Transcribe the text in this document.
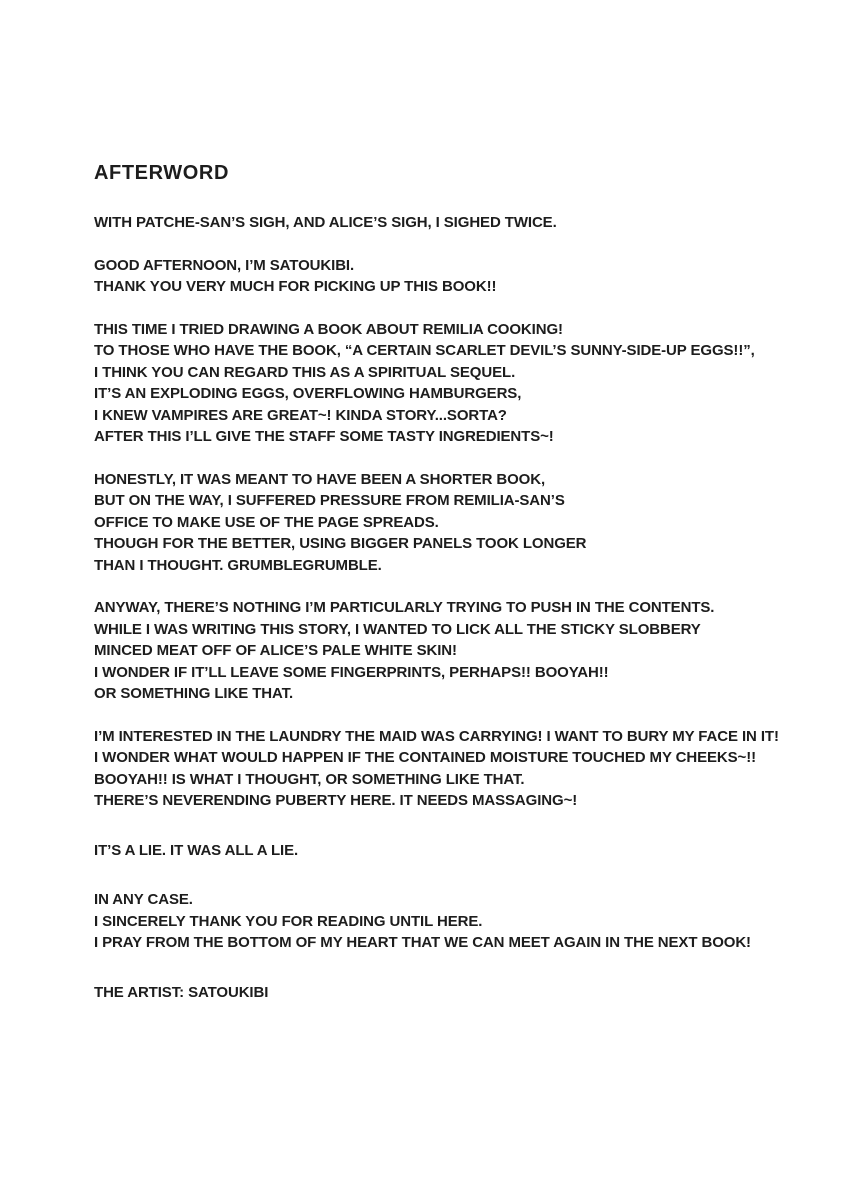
AFTERWORD
WITH PATCHE-SAN’S SIGH, AND ALICE’S SIGH, I SIGHED TWICE.
GOOD AFTERNOON, I’M SATOUKIBI.
THANK YOU VERY MUCH FOR PICKING UP THIS BOOK!!
THIS TIME I TRIED DRAWING A BOOK ABOUT REMILIA COOKING!
TO THOSE WHO HAVE THE BOOK, “A CERTAIN SCARLET DEVIL’S SUNNY-SIDE-UP EGGS!!”,
I THINK YOU CAN REGARD THIS AS A SPIRITUAL SEQUEL.
IT’S AN EXPLODING EGGS, OVERFLOWING HAMBURGERS,
I KNEW VAMPIRES ARE GREAT~! KINDA STORY...SORTA?
AFTER THIS I’LL GIVE THE STAFF SOME TASTY INGREDIENTS~!
HONESTLY, IT WAS MEANT TO HAVE BEEN A SHORTER BOOK,
BUT ON THE WAY, I SUFFERED PRESSURE FROM REMILIA-SAN’S
OFFICE TO MAKE USE OF THE PAGE SPREADS.
THOUGH FOR THE BETTER, USING BIGGER PANELS TOOK LONGER
THAN I THOUGHT. GRUMBLEGRUMBLE.
ANYWAY, THERE’S NOTHING I’M PARTICULARLY TRYING TO PUSH IN THE CONTENTS.
WHILE I WAS WRITING THIS STORY, I WANTED TO LICK ALL THE STICKY SLOBBERY
MINCED MEAT OFF OF ALICE’S PALE WHITE SKIN!
I WONDER IF IT’LL LEAVE SOME FINGERPRINTS, PERHAPS!! BOOYAH!!
OR SOMETHING LIKE THAT.
I’M INTERESTED IN THE LAUNDRY THE MAID WAS CARRYING! I WANT TO BURY MY FACE IN IT!
I WONDER WHAT WOULD HAPPEN IF THE CONTAINED MOISTURE TOUCHED MY CHEEKS~!!
BOOYAH!! IS WHAT I THOUGHT, OR SOMETHING LIKE THAT.
THERE’S NEVERENDING PUBERTY HERE. IT NEEDS MASSAGING~!
IT’S A LIE. IT WAS ALL A LIE.
IN ANY CASE.
I SINCERELY THANK YOU FOR READING UNTIL HERE.
I PRAY FROM THE BOTTOM OF MY HEART THAT WE CAN MEET AGAIN IN THE NEXT BOOK!
THE ARTIST: SATOUKIBI
